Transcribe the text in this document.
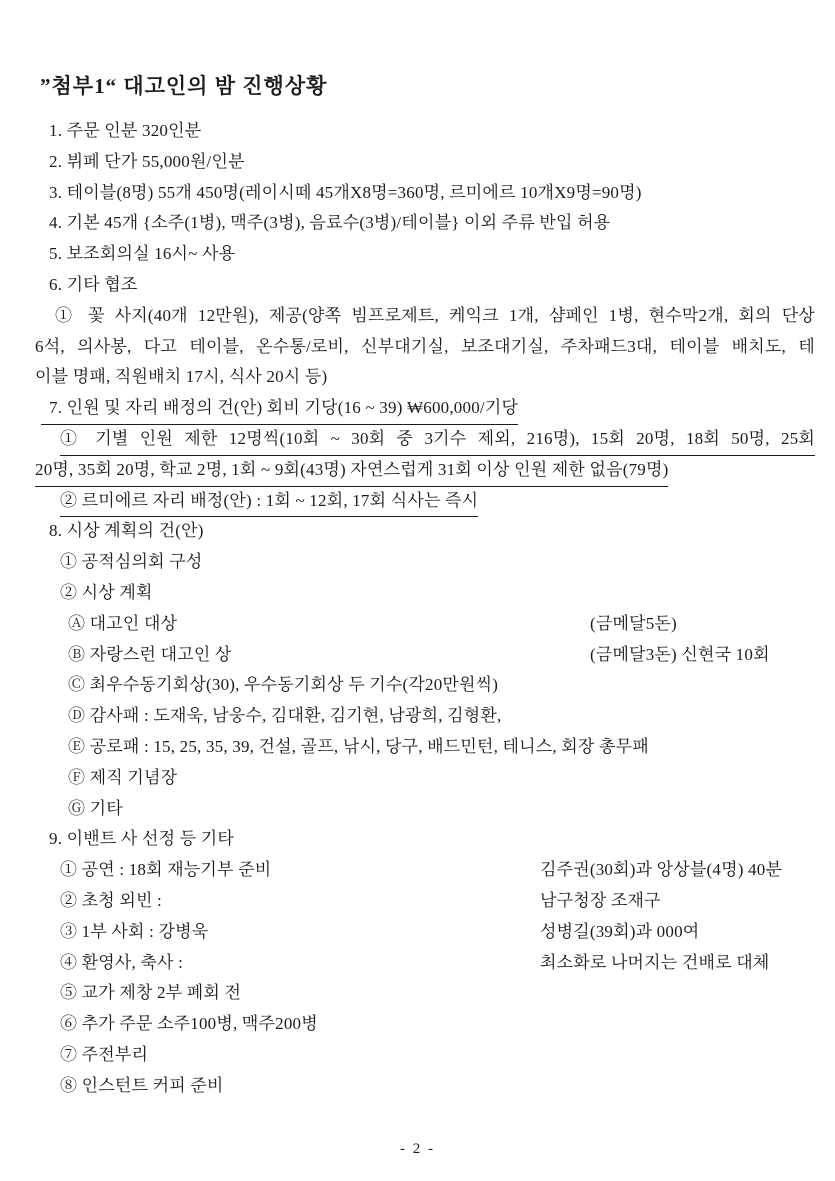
”첨부1“ 대고인의 밤 진행상황
1. 주문 인분 320인분
2. 뷔페 단가 55,000원/인분
3. 테이블(8명) 55개 450명(레이시떼 45개X8명=360명, 르미에르 10개X9명=90명)
4. 기본 45개 {소주(1병), 맥주(3병), 음료수(3병)/테이블} 이외 주류 반입 허용
5. 보조회의실 16시~ 사용
6. 기타 협조
① 꽃 사지(40개 12만원), 제공(양쪽 빔프로제트, 케익크 1개, 샴페인 1병, 현수막2개, 회의 단상
6석, 의사봉, 다고 테이블, 온수통/로비, 신부대기실, 보조대기실, 주차패드3대, 테이블 배치도, 테
이블 명패, 직원배치 17시, 식사 20시 등)
7. 인원 및 자리 배정의 건(안) 회비 기당(16 ~ 39) ₩600,000/기당
① 기별 인원 제한 12명씩(10회 ~ 30회 중 3기수 제외, 216명), 15회 20명, 18회 50명, 25회
20명, 35회 20명, 학교 2명, 1회 ~ 9회(43명) 자연스럽게 31회 이상 인원 제한 없음(79명)
② 르미에르 자리 배정(안) : 1회 ~ 12회, 17회 식사는 즉시
8. 시상 계획의 건(안)
① 공적심의회 구성
② 시상 계획
Ⓐ 대고인 대상	(금메달5돈)
Ⓑ 자랑스런 대고인 상	(금메달3돈) 신현국 10회
Ⓒ 최우수동기회상(30), 우수동기회상 두 기수(각20만원씩)
Ⓓ 감사패 : 도재욱, 남웅수, 김대환, 김기현, 남광희, 김형환,
Ⓔ 공로패 : 15, 25, 35, 39, 건설, 골프, 낚시, 당구, 배드민턴, 테니스, 회장 총무패
Ⓕ 제직 기념장
Ⓖ 기타
9. 이밴트 사 선정 등 기타
① 공연 : 18회 재능기부 준비	김주권(30회)과 앙상블(4명) 40분
② 초청 외빈 :	남구청장 조재구
③ 1부 사회 : 강병욱	성병길(39회)과 000여
④ 환영사, 축사 :	최소화로 나머지는 건배로 대체
⑤ 교가 제창 2부 폐회 전
⑥ 추가 주문 소주100병, 맥주200병
⑦ 주전부리
⑧ 인스턴트 커피 준비
- 2 -
